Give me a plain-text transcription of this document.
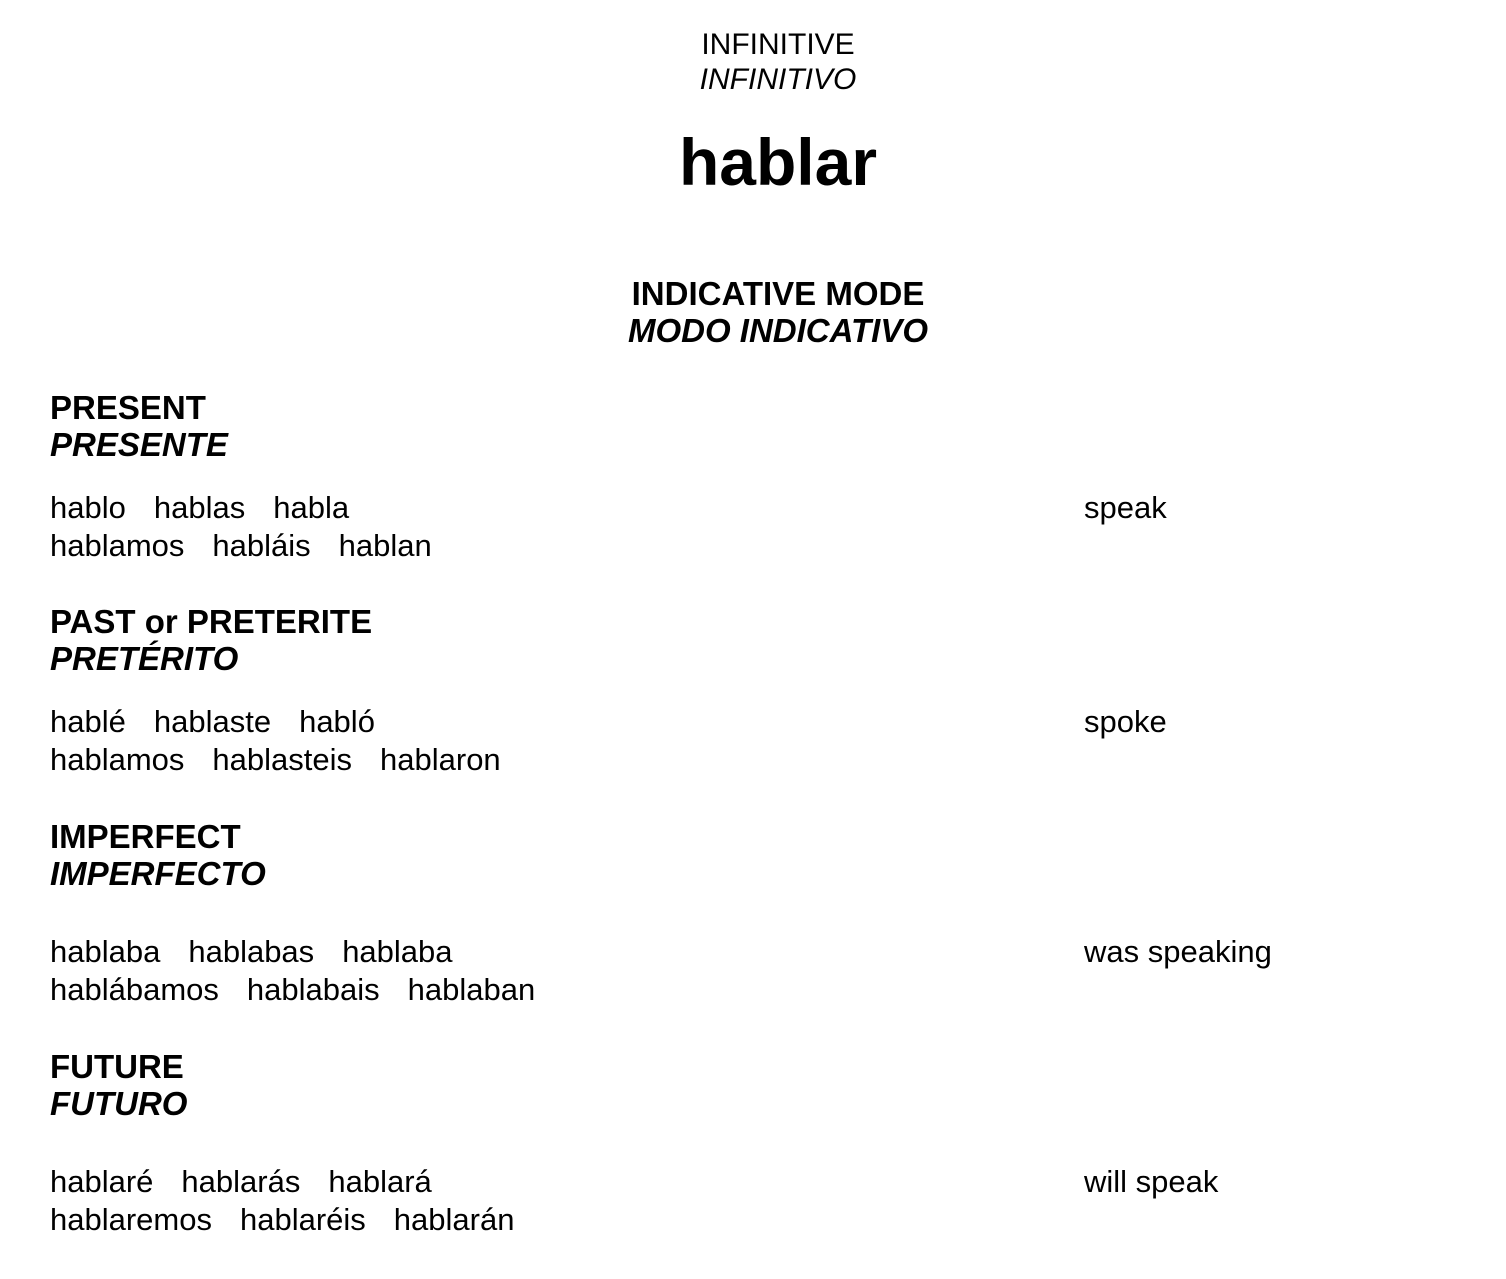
INFINITIVE

INFINITIVO

hablar
INDICATIVE MODE
MODO INDICATIVO
PRESENT
PRESENTE

hablo hablas habla

hablamos habláis hablan

speak

PAST or PRETERITE
PRETÉRITO

hablé hablaste habló

hablamos hablasteis hablaron

spoke

IMPERFECT
IMPERFECTO

hablaba hablabas hablaba

hablábamos hablabais hablaban

was speaking

FUTURE
FUTURO

hablaré hablarás hablará

hablaremos hablaréis hablarán

will speak
